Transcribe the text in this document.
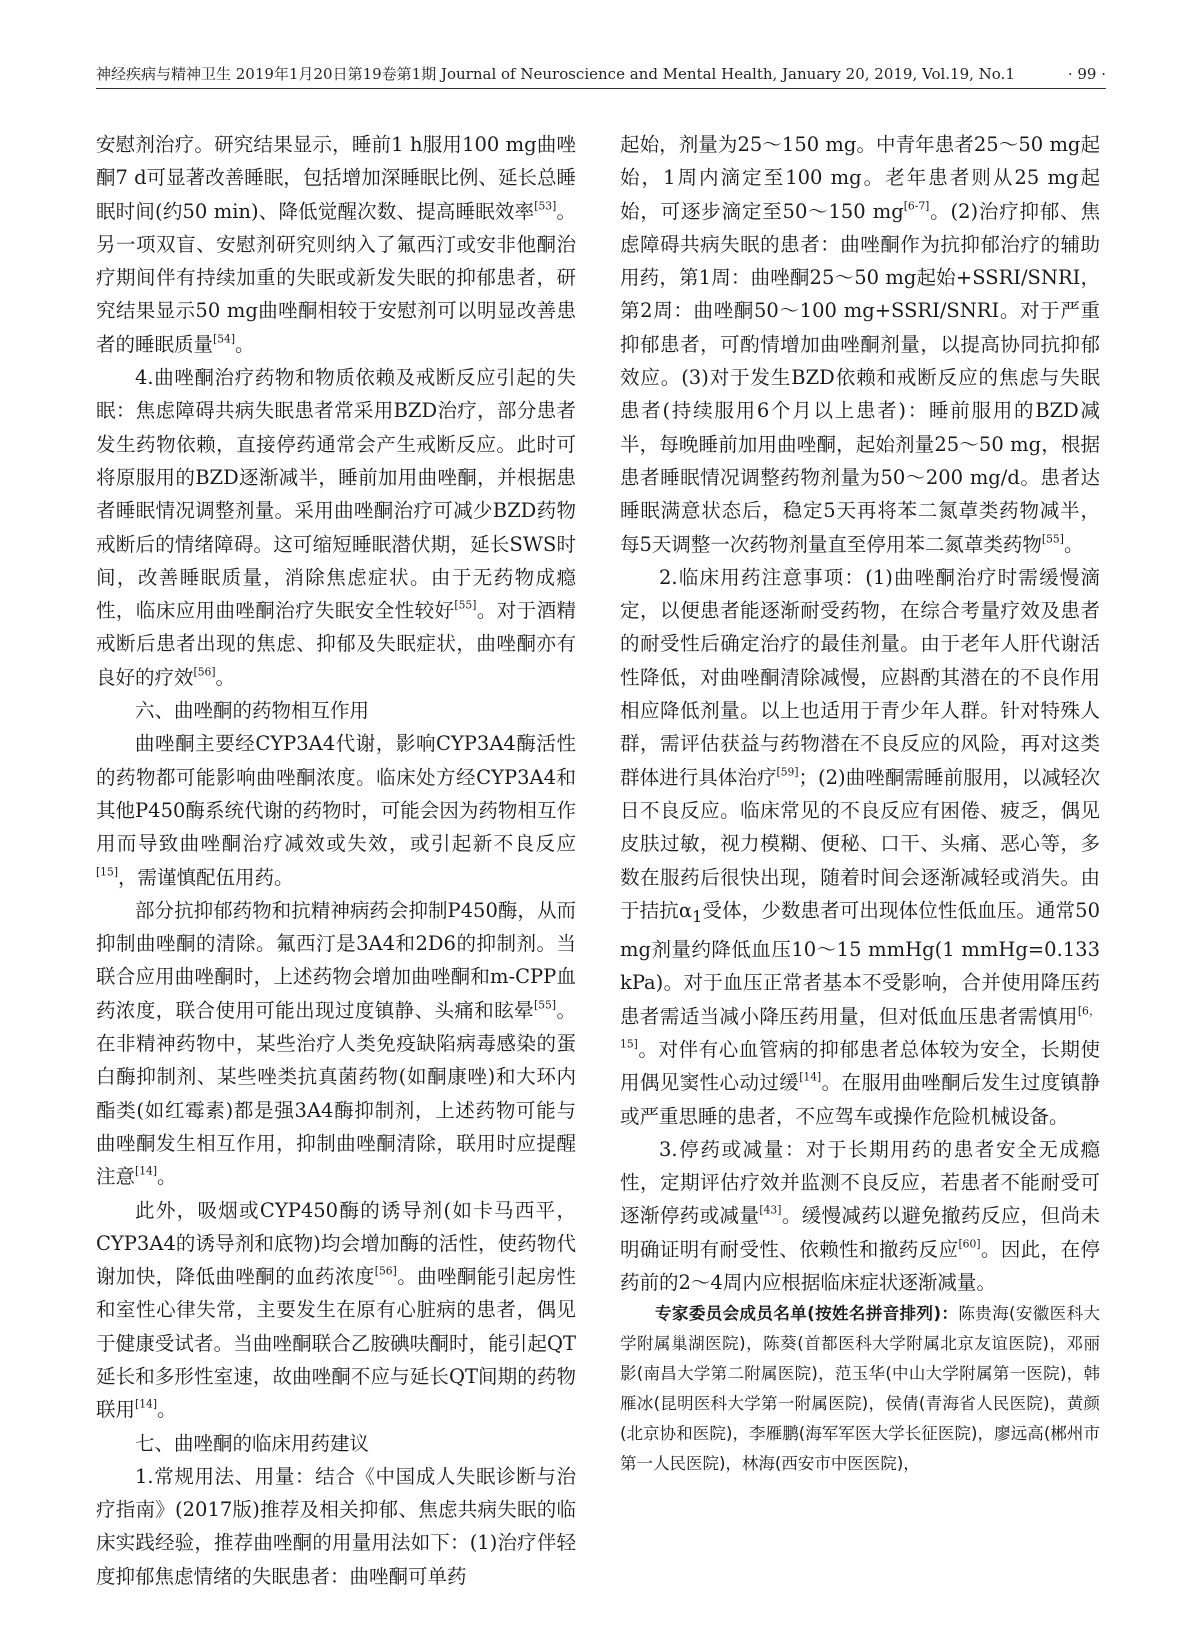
神经疾病与精神卫生 2019年1月20日第19卷第1期 Journal of Neuroscience and Mental Health, January 20, 2019, Vol.19, No.1	· 99 ·

安慰剂治疗。研究结果显示，睡前1 h服用100 mg曲唑酮7 d可显著改善睡眠，包括增加深睡眠比例、延长总睡眠时间(约50 min)、降低觉醒次数、提高睡眠效率[53]。另一项双盲、安慰剂研究则纳入了氟西汀或安非他酮治疗期间伴有持续加重的失眠或新发失眠的抑郁患者，研究结果显示50 mg曲唑酮相较于安慰剂可以明显改善患者的睡眠质量[54]。

4.曲唑酮治疗药物和物质依赖及戒断反应引起的失眠：焦虑障碍共病失眠患者常采用BZD治疗，部分患者发生药物依赖，直接停药通常会产生戒断反应。此时可将原服用的BZD逐渐减半，睡前加用曲唑酮，并根据患者睡眠情况调整剂量。采用曲唑酮治疗可减少BZD药物戒断后的情绪障碍。这可缩短睡眠潜伏期，延长SWS时间，改善睡眠质量，消除焦虑症状。由于无药物成瘾性，临床应用曲唑酮治疗失眠安全性较好[55]。对于酒精戒断后患者出现的焦虑、抑郁及失眠症状，曲唑酮亦有良好的疗效[56]。

六、曲唑酮的药物相互作用

曲唑酮主要经CYP3A4代谢，影响CYP3A4酶活性的药物都可能影响曲唑酮浓度。临床处方经CYP3A4和其他P450酶系统代谢的药物时，可能会因为药物相互作用而导致曲唑酮治疗减效或失效，或引起新不良反应[15]，需谨慎配伍用药。

部分抗抑郁药物和抗精神病药会抑制P450酶，从而抑制曲唑酮的清除。氟西汀是3A4和2D6的抑制剂。当联合应用曲唑酮时，上述药物会增加曲唑酮和m-CPP血药浓度，联合使用可能出现过度镇静、头痛和眩晕[55]。在非精神药物中，某些治疗人类免疫缺陷病毒感染的蛋白酶抑制剂、某些唑类抗真菌药物(如酮康唑)和大环内酯类(如红霉素)都是强3A4酶抑制剂，上述药物可能与曲唑酮发生相互作用，抑制曲唑酮清除，联用时应提醒注意[14]。

此外，吸烟或CYP450酶的诱导剂(如卡马西平，CYP3A4的诱导剂和底物)均会增加酶的活性，使药物代谢加快，降低曲唑酮的血药浓度[56]。曲唑酮能引起房性和室性心律失常，主要发生在原有心脏病的患者，偶见于健康受试者。当曲唑酮联合乙胺碘呋酮时，能引起QT延长和多形性室速，故曲唑酮不应与延长QT间期的药物联用[14]。

七、曲唑酮的临床用药建议

1.常规用法、用量：结合《中国成人失眠诊断与治疗指南》(2017版)推荐及相关抑郁、焦虑共病失眠的临床实践经验，推荐曲唑酮的用量用法如下：(1)治疗伴轻度抑郁焦虑情绪的失眠患者：曲唑酮可单药

起始，剂量为25～150 mg。中青年患者25～50 mg起始，1周内滴定至100 mg。老年患者则从25 mg起始，可逐步滴定至50～150 mg[6-7]。(2)治疗抑郁、焦虑障碍共病失眠的患者：曲唑酮作为抗抑郁治疗的辅助用药，第1周：曲唑酮25～50 mg起始+SSRI/SNRI，第2周：曲唑酮50～100 mg+SSRI/SNRI。对于严重抑郁患者，可酌情增加曲唑酮剂量，以提高协同抗抑郁效应。(3)对于发生BZD依赖和戒断反应的焦虑与失眠患者(持续服用6个月以上患者)：睡前服用的BZD减半，每晚睡前加用曲唑酮，起始剂量25～50 mg，根据患者睡眠情况调整药物剂量为50～200 mg/d。患者达睡眠满意状态后，稳定5天再将苯二氮䓬类药物减半，每5天调整一次药物剂量直至停用苯二氮䓬类药物[55]。

2.临床用药注意事项：(1)曲唑酮治疗时需缓慢滴定，以便患者能逐渐耐受药物，在综合考量疗效及患者的耐受性后确定治疗的最佳剂量。由于老年人肝代谢活性降低，对曲唑酮清除减慢，应斟酌其潜在的不良作用相应降低剂量。以上也适用于青少年人群。针对特殊人群，需评估获益与药物潜在不良反应的风险，再对这类群体进行具体治疗[59]；(2)曲唑酮需睡前服用，以减轻次日不良反应。临床常见的不良反应有困倦、疲乏，偶见皮肤过敏，视力模糊、便秘、口干、头痛、恶心等，多数在服药后很快出现，随着时间会逐渐减轻或消失。由于拮抗$\alpha_1$受体，少数患者可出现体位性低血压。通常50 mg剂量约降低血压10～15 mmHg(1 mmHg=0.133 kPa)。对于血压正常者基本不受影响，合并使用降压药患者需适当减小降压药用量，但对低血压患者需慎用[6，15]。对伴有心血管病的抑郁患者总体较为安全，长期使用偶见窦性心动过缓[14]。在服用曲唑酮后发生过度镇静或严重思睡的患者，不应驾车或操作危险机械设备。

3.停药或减量：对于长期用药的患者安全无成瘾性，定期评估疗效并监测不良反应，若患者不能耐受可逐渐停药或减量[43]。缓慢减药以避免撤药反应，但尚未明确证明有耐受性、依赖性和撤药反应[60]。因此，在停药前的2～4周内应根据临床症状逐渐减量。

专家委员会成员名单(按姓名拼音排列)：陈贵海(安徽医科大学附属巢湖医院)，陈葵(首都医科大学附属北京友谊医院)，邓丽影(南昌大学第二附属医院)，范玉华(中山大学附属第一医院)，韩雁冰(昆明医科大学第一附属医院)，侯倩(青海省人民医院)，黄颜(北京协和医院)，李雁鹏(海军军医大学长征医院)，廖远高(郴州市第一人民医院)，林海(西安市中医医院)，
